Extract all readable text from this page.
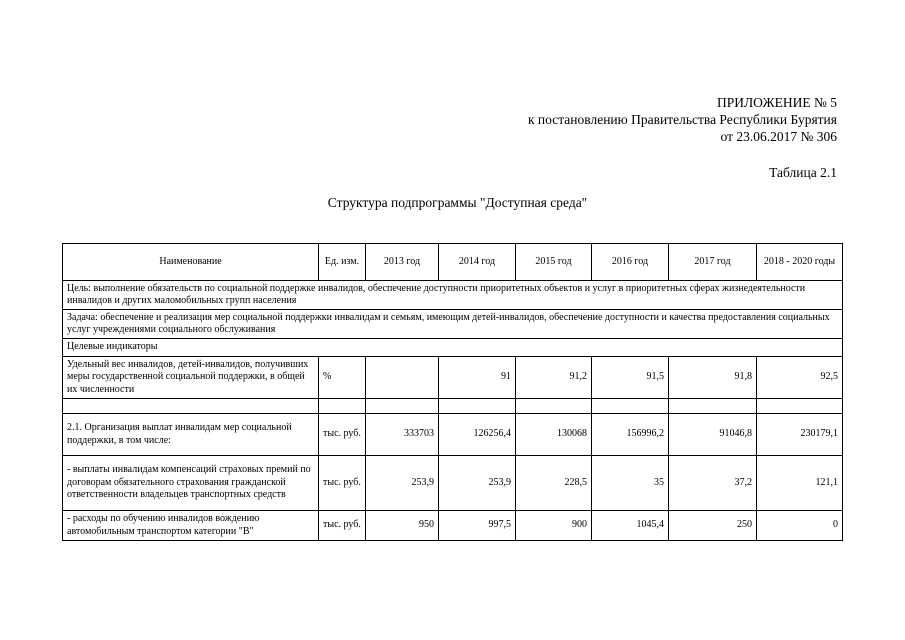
ПРИЛОЖЕНИЕ № 5
к постановлению Правительства Республики Бурятия
от 23.06.2017 № 306
Таблица 2.1
Структура подпрограммы "Доступная среда"
Наименование	Ед. изм.	2013 год	2014 год	2015 год	2016 год	2017 год	2018 - 2020 годы
Цель: выполнение обязательств по социальной поддержке инвалидов, обеспечение доступности приоритетных объектов и услуг в приоритетных сферах жизнедеятельности инвалидов и других маломобильных групп населения							
Задача: обеспечение и реализация мер социальной поддержки инвалидам и семьям, имеющим детей-инвалидов, обеспечение доступности и качества предоставления социальных услуг учреждениями социального обслуживания							
Целевые индикаторы							
Удельный вес инвалидов, детей-инвалидов, получивших меры государственной социальной поддержки, в общей их численности	%		91	91,2	91,5	91,8	92,5

2.1. Организация выплат инвалидам мер социальной поддержки, в том числе:	тыс. руб.	333703	126256,4	130068	156996,2	91046,8	230179,1
- выплаты инвалидам компенсаций страховых премий по договорам обязательного страхования гражданской ответственности владельцев транспортных средств	тыс. руб.	253,9	253,9	228,5	35	37,2	121,1
- расходы по обучению инвалидов вождению автомобильным транспортом категории "В"	тыс. руб.	950	997,5	900	1045,4	250	0
